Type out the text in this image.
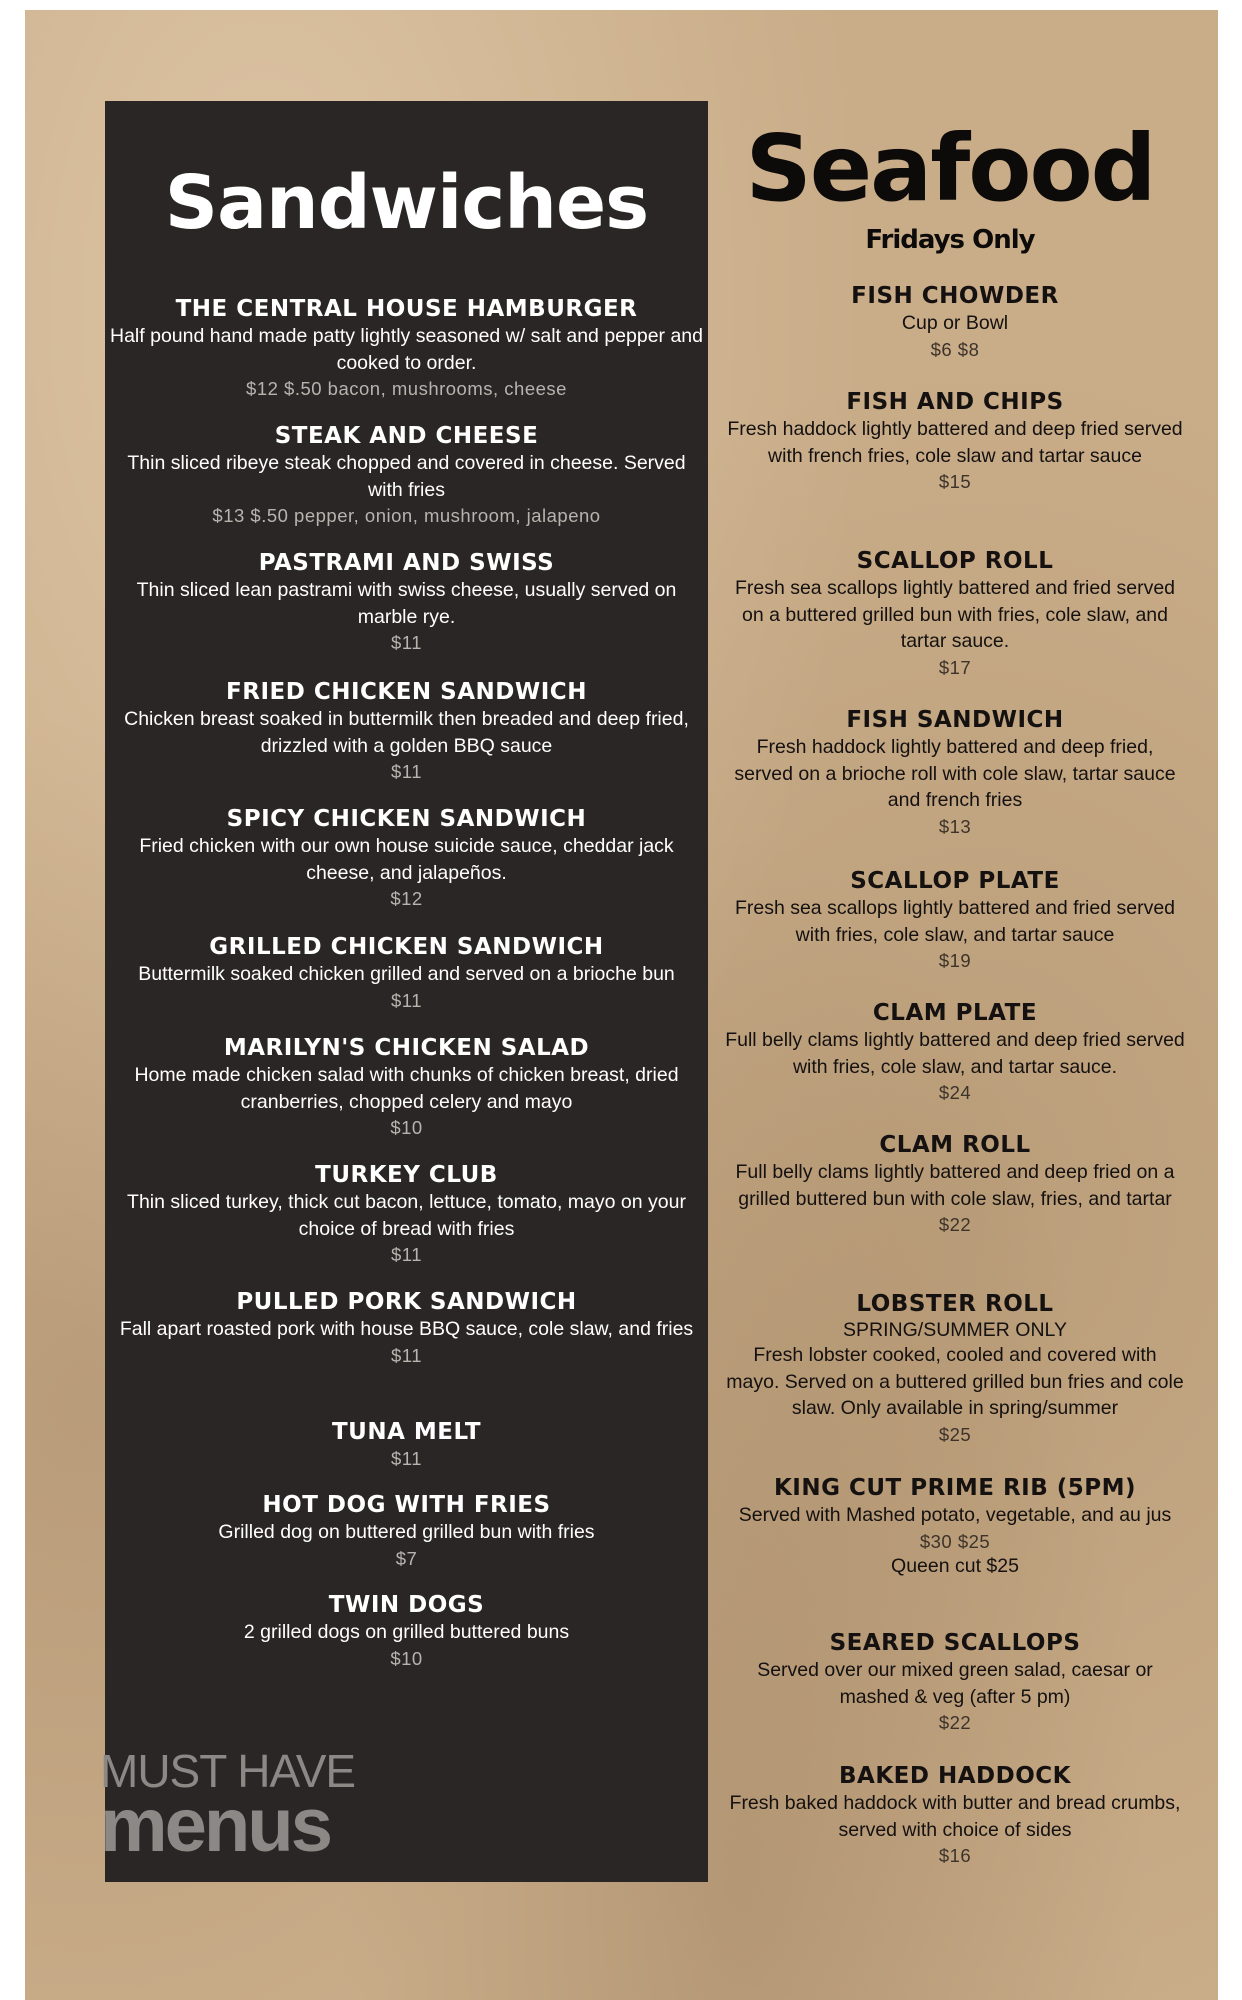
Sandwiches	Seafood
Fridays Only
THE CENTRAL HOUSE HAMBURGER
Half pound hand made patty lightly seasoned w/ salt and pepper and cooked to order.
$12 $.50 bacon, mushrooms, cheese
STEAK AND CHEESE
Thin sliced ribeye steak chopped and covered in cheese. Served with fries
$13 $.50 pepper, onion, mushroom, jalapeno
PASTRAMI AND SWISS
Thin sliced lean pastrami with swiss cheese, usually served on marble rye.
$11
FRIED CHICKEN SANDWICH
Chicken breast soaked in buttermilk then breaded and deep fried, drizzled with a golden BBQ sauce
$11
SPICY CHICKEN SANDWICH
Fried chicken with our own house suicide sauce, cheddar jack cheese, and jalapeños.
$12
GRILLED CHICKEN SANDWICH
Buttermilk soaked chicken grilled and served on a brioche bun
$11
MARILYN'S CHICKEN SALAD
Home made chicken salad with chunks of chicken breast, dried cranberries, chopped celery and mayo
$10
TURKEY CLUB
Thin sliced turkey, thick cut bacon, lettuce, tomato, mayo on your choice of bread with fries
$11
PULLED PORK SANDWICH
Fall apart roasted pork with house BBQ sauce, cole slaw, and fries
$11
TUNA MELT
$11
HOT DOG WITH FRIES
Grilled dog on buttered grilled bun with fries
$7
TWIN DOGS
2 grilled dogs on grilled buttered buns
$10
MUST HAVE
menus
FISH CHOWDER
Cup or Bowl
$6 $8
FISH AND CHIPS
Fresh haddock lightly battered and deep fried served with french fries, cole slaw and tartar sauce
$15
SCALLOP ROLL
Fresh sea scallops lightly battered and fried served on a buttered grilled bun with fries, cole slaw, and tartar sauce.
$17
FISH SANDWICH
Fresh haddock lightly battered and deep fried, served on a brioche roll with cole slaw, tartar sauce and french fries
$13
SCALLOP PLATE
Fresh sea scallops lightly battered and fried served with fries, cole slaw, and tartar sauce
$19
CLAM PLATE
Full belly clams lightly battered and deep fried served with fries, cole slaw, and tartar sauce.
$24
CLAM ROLL
Full belly clams lightly battered and deep fried on a grilled buttered bun with cole slaw, fries, and tartar
$22
LOBSTER ROLL
SPRING/SUMMER ONLY
Fresh lobster cooked, cooled and covered with mayo. Served on a buttered grilled bun fries and cole slaw. Only available in spring/summer
$25
KING CUT PRIME RIB (5PM)
Served with Mashed potato, vegetable, and au jus
$30 $25
Queen cut $25
SEARED SCALLOPS
Served over our mixed green salad, caesar or mashed & veg (after 5 pm)
$22
BAKED HADDOCK
Fresh baked haddock with butter and bread crumbs, served with choice of sides
$16
